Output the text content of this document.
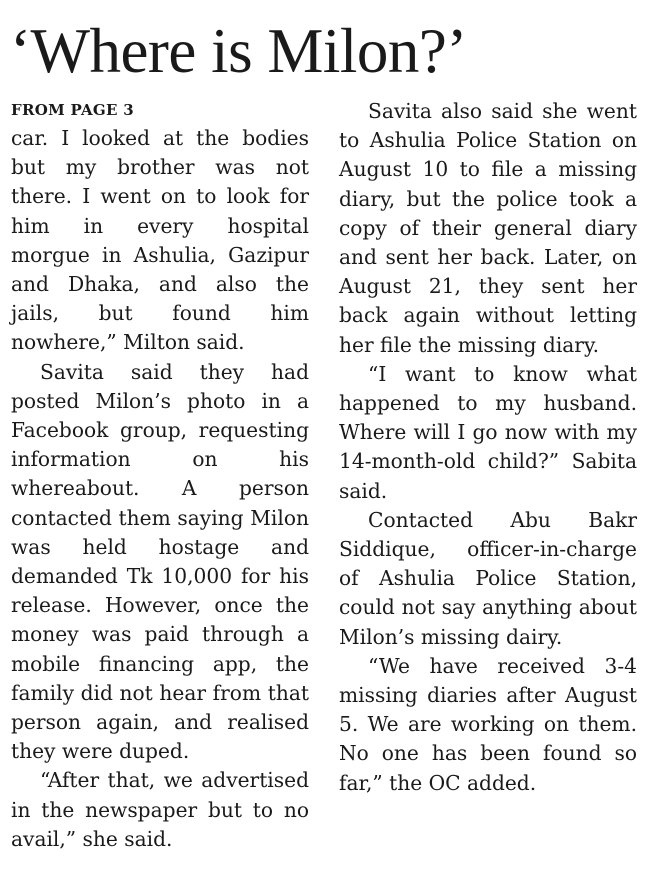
‘Where is Milon?’
FROM PAGE 3

car. I looked at the bodies but my brother was not there. I went on to look for him in every hospital morgue in Ashulia, Gazipur and Dhaka, and also the jails, but found him nowhere,” Milton said.

Savita said they had posted Milon’s photo in a Facebook group, requesting information on his whereabout. A person contacted them saying Milon was held hostage and demanded Tk 10,000 for his release. However, once the money was paid through a mobile financing app, the family did not hear from that person again, and realised they were duped.

“After that, we advertised in the newspaper but to no avail,” she said.

Savita also said she went to Ashulia Police Station on August 10 to file a missing diary, but the police took a copy of their general diary and sent her back. Later, on August 21, they sent her back again without letting her file the missing diary.

“I want to know what happened to my husband. Where will I go now with my 14-month-old child?” Sabita said.

Contacted Abu Bakr Siddique, officer-in-charge of Ashulia Police Station, could not say anything about Milon’s missing dairy.

“We have received 3-4 missing diaries after August 5. We are working on them. No one has been found so far,” the OC added.
